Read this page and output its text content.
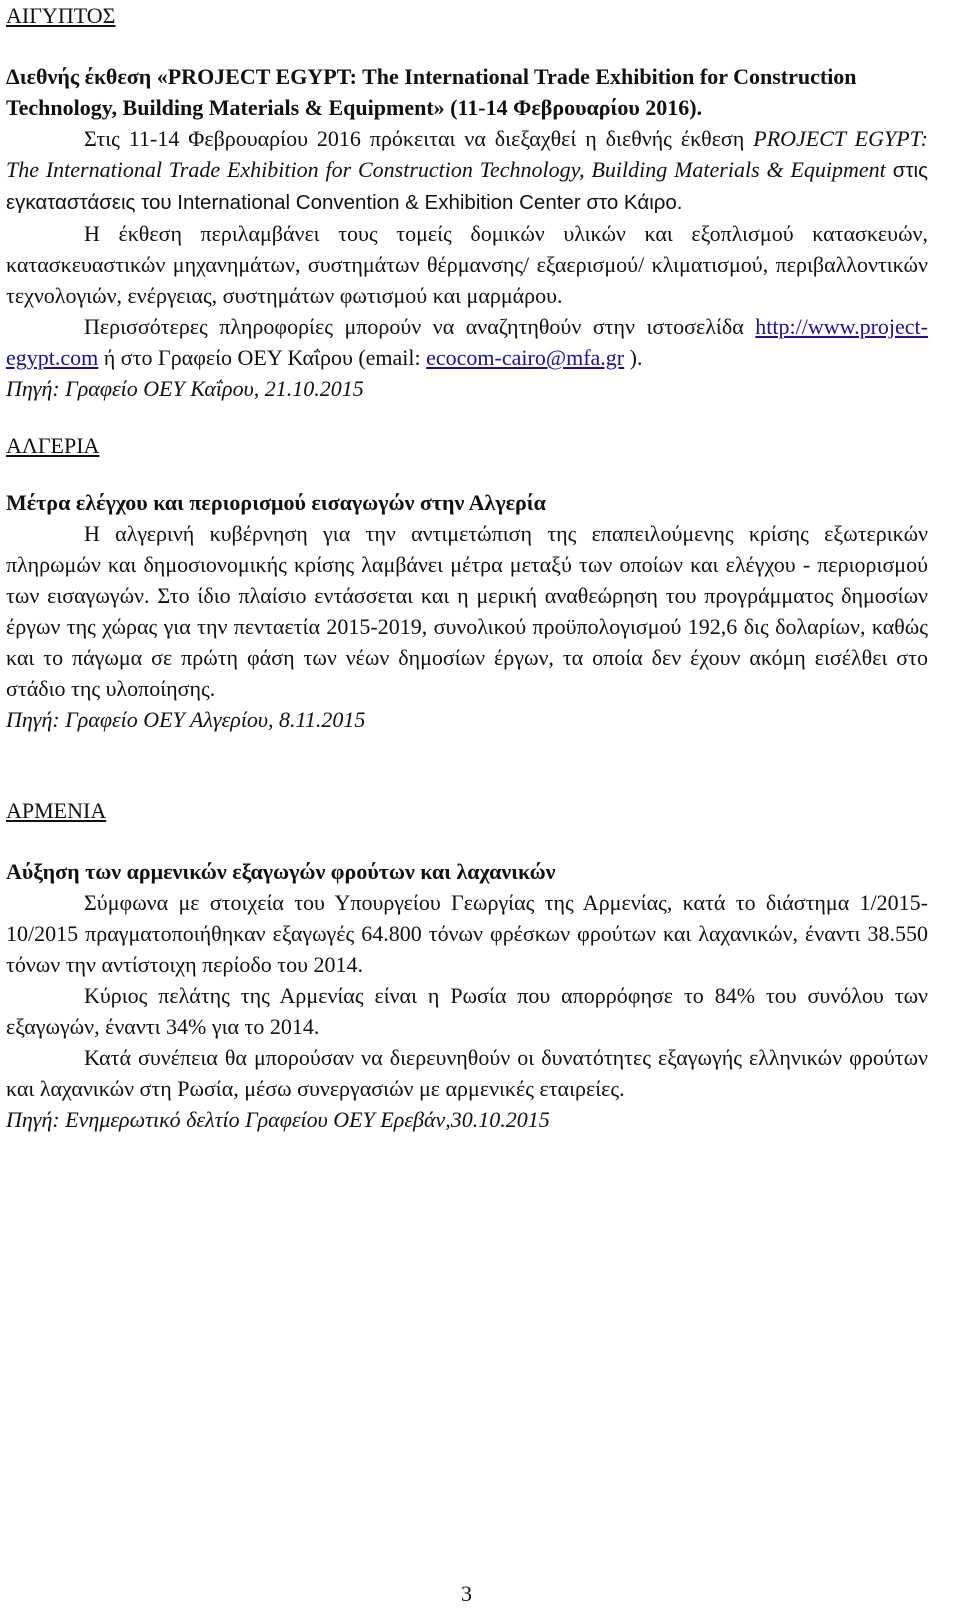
ΑΙΓΥΠΤΟΣ
Διεθνής έκθεση «PROJECT EGYPT: The International Trade Exhibition for Construction Technology, Building Materials & Equipment» (11-14 Φεβρουαρίου 2016).

Στις 11-14 Φεβρουαρίου 2016 πρόκειται να διεξαχθεί η διεθνής έκθεση PROJECT EGYPT: The International Trade Exhibition for Construction Technology, Building Materials & Equipment στις εγκαταστάσεις του International Convention & Exhibition Center στο Κάιρο.

Η έκθεση περιλαμβάνει τους τομείς δομικών υλικών και εξοπλισμού κατασκευών, κατασκευαστικών μηχανημάτων, συστημάτων θέρμανσης/ εξαερισμού/ κλιματισμού, περιβαλλοντικών τεχνολογιών, ενέργειας, συστημάτων φωτισμού και μαρμάρου.

Περισσότερες πληροφορίες μπορούν να αναζητηθούν στην ιστοσελίδα http://www.project-egypt.com ή στο Γραφείο ΟΕΥ Καΐρου (email: ecocom-cairo@mfa.gr ).

Πηγή: Γραφείο ΟΕΥ Καΐρου, 21.10.2015

ΑΛΓΕΡΙΑ
Μέτρα ελέγχου και περιορισμού εισαγωγών στην Αλγερία

Η αλγερινή κυβέρνηση για την αντιμετώπιση της επαπειλούμενης κρίσης εξωτερικών πληρωμών και δημοσιονομικής κρίσης λαμβάνει μέτρα μεταξύ των οποίων και ελέγχου - περιορισμού των εισαγωγών. Στο ίδιο πλαίσιο εντάσσεται και η μερική αναθεώρηση του προγράμματος δημοσίων έργων της χώρας για την πενταετία 2015-2019, συνολικού προϋπολογισμού 192,6 δις δολαρίων, καθώς και το πάγωμα σε πρώτη φάση των νέων δημοσίων έργων, τα οποία δεν έχουν ακόμη εισέλθει στο στάδιο της υλοποίησης.

Πηγή: Γραφείο ΟΕΥ Αλγερίου, 8.11.2015

ΑΡΜΕΝΙΑ
Αύξηση των αρμενικών εξαγωγών φρούτων και λαχανικών

Σύμφωνα με στοιχεία του Υπουργείου Γεωργίας της Αρμενίας, κατά το διάστημα 1/2015-10/2015 πραγματοποιήθηκαν εξαγωγές 64.800 τόνων φρέσκων φρούτων και λαχανικών, έναντι 38.550 τόνων την αντίστοιχη περίοδο του 2014.

Κύριος πελάτης της Αρμενίας είναι η Ρωσία που απορρόφησε το 84% του συνόλου των εξαγωγών, έναντι 34% για το 2014.

Κατά συνέπεια θα μπορούσαν να διερευνηθούν οι δυνατότητες εξαγωγής ελληνικών φρούτων και λαχανικών στη Ρωσία, μέσω συνεργασιών με αρμενικές εταιρείες.

Πηγή: Ενημερωτικό δελτίο Γραφείου ΟΕΥ Ερεβάν,30.10.2015

3
